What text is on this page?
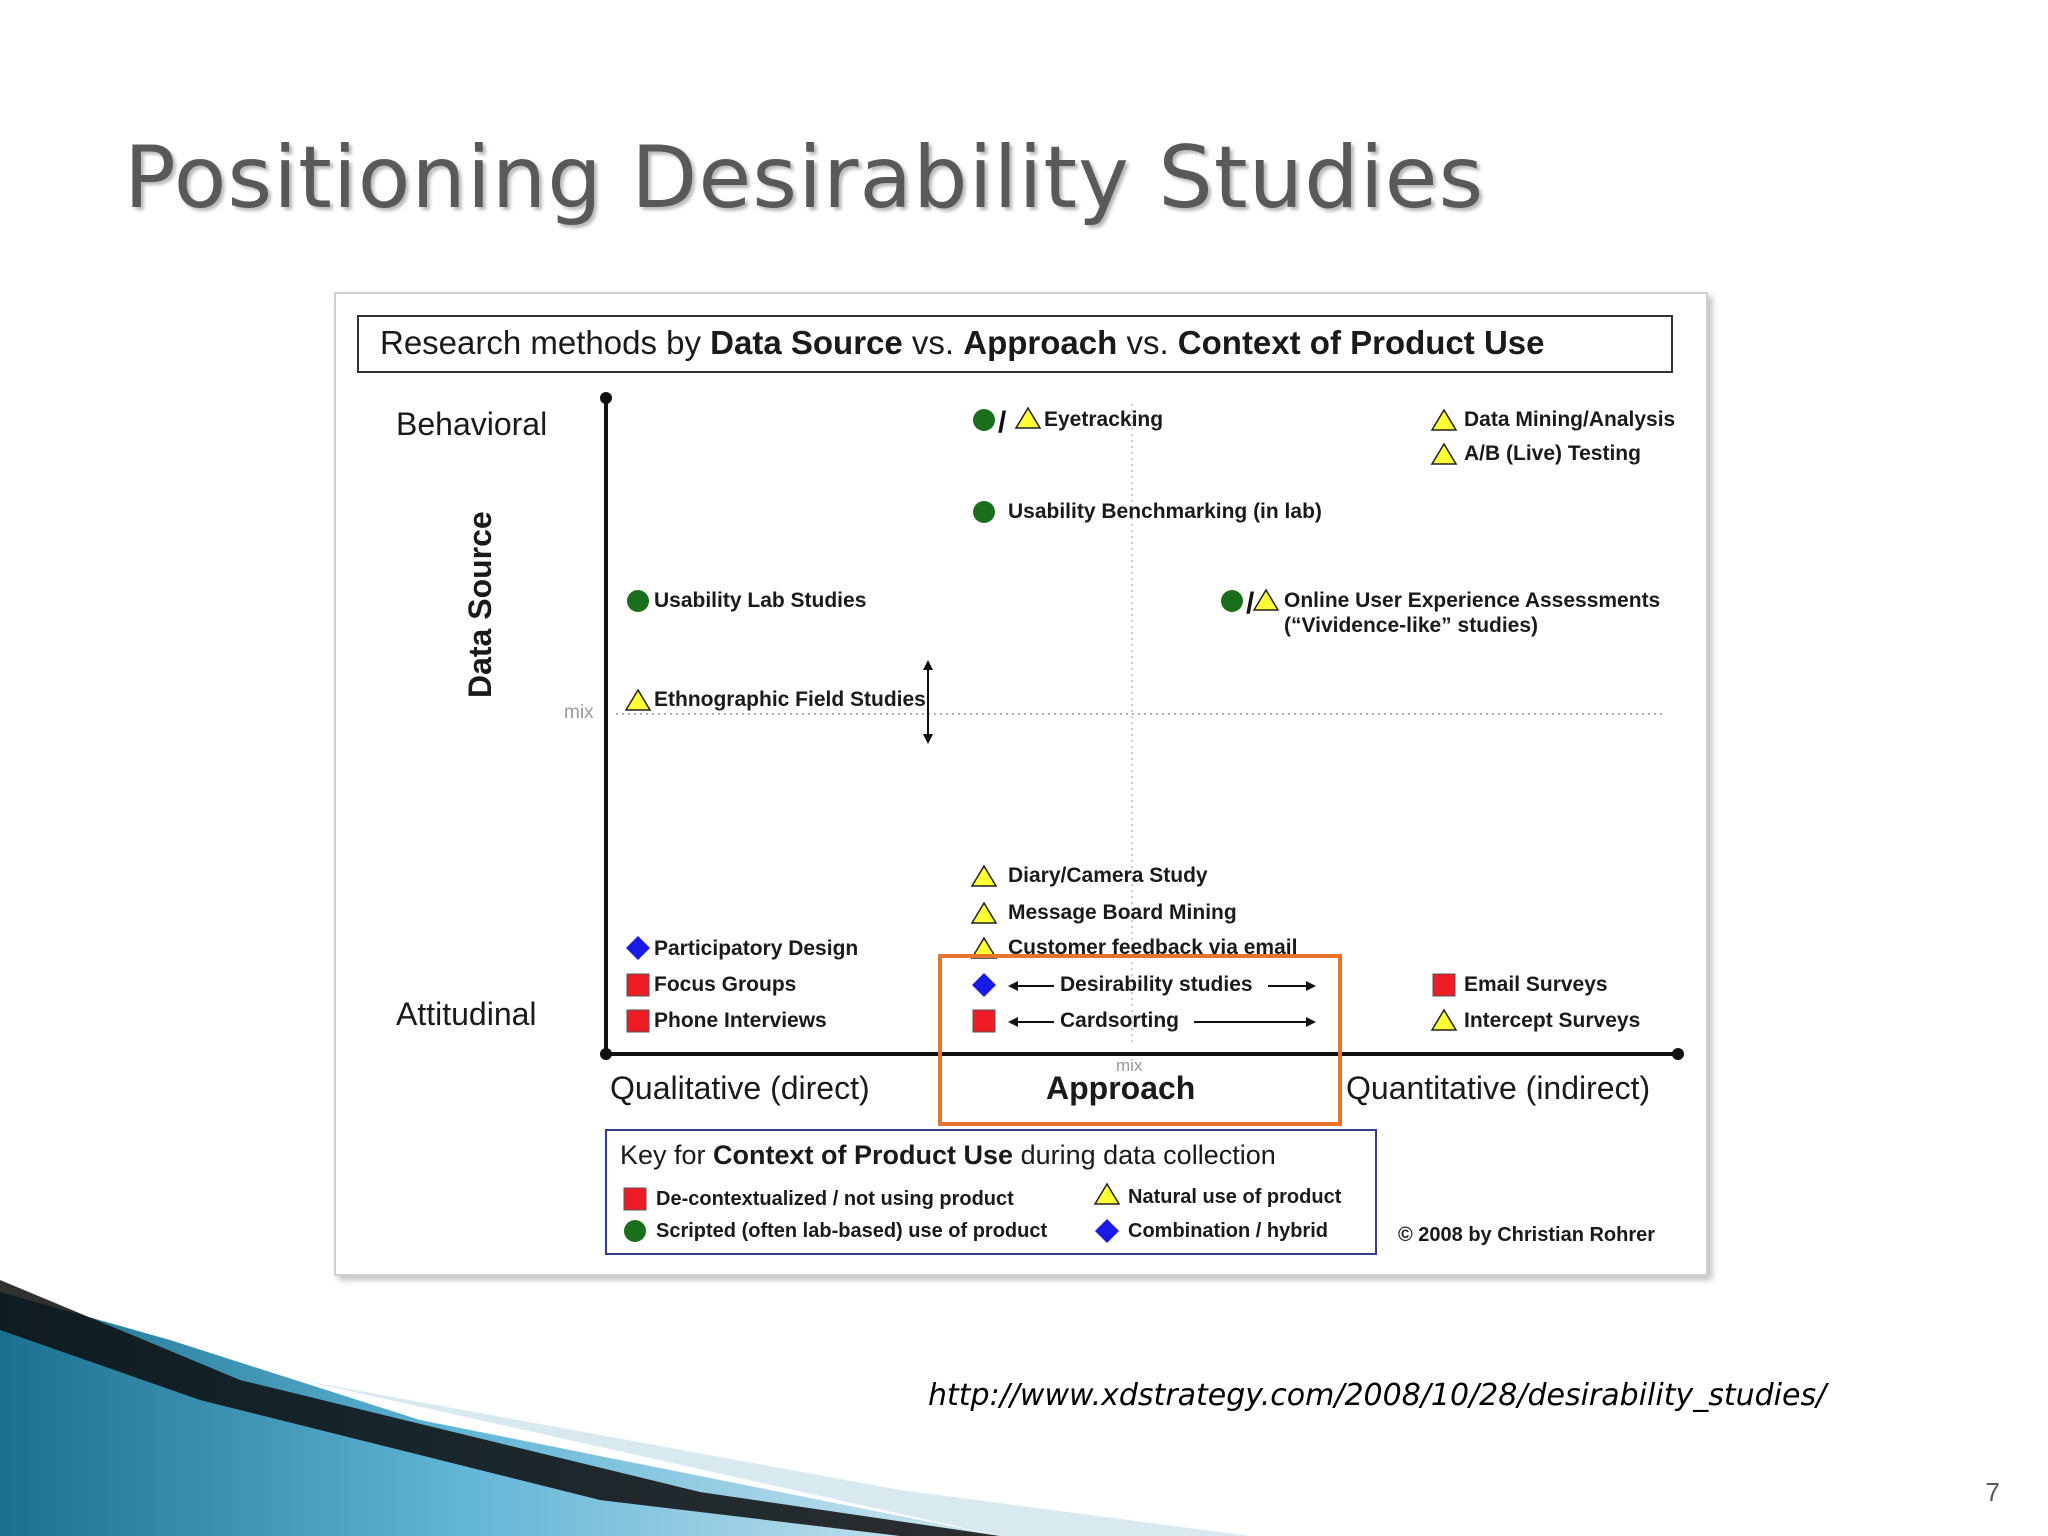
Positioning Desirability Studies
/
/
Research methods by Data Source vs. Approach vs. Context of Product Use
Behavioral
Attitudinal
Data Source
mix
Qualitative (direct)	Approach	Quantitative (indirect)
mix
Eyetracking	Data Mining/Analysis
A/B (Live) Testing
Usability Benchmarking (in lab)
Usability Lab Studies	Online User Experience Assessments
(“Vividence-like” studies)
Ethnographic Field Studies
Diary/Camera Study
Message Board Mining
Customer feedback via email
Participatory Design
Focus Groups
Phone Interviews
Desirability studies
Cardsorting
Email Surveys
Intercept Surveys
Key for Context of Product Use during data collection
De-contextualized / not using product
Scripted (often lab-based) use of product
Natural use of product
Combination / hybrid	© 2008 by Christian Rohrer
http://www.xdstrategy.com/2008/10/28/desirability_studies/
7
